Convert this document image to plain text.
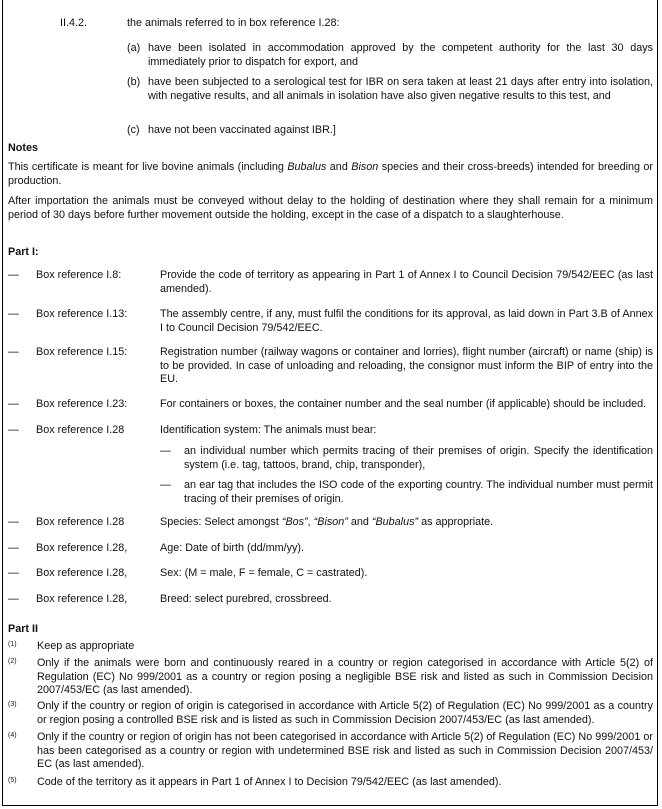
II.4.2.	the animals referred to in box reference I.28:
(a) have been isolated in accommodation approved by the competent authority for the last 30 days immediately prior to dispatch for export, and
(b) have been subjected to a serological test for IBR on sera taken at least 21 days after entry into isolation, with negative results, and all animals in isolation have also given negative results to this test, and
(c) have not been vaccinated against IBR.]
Notes
This certificate is meant for live bovine animals (including Bubalus and Bison species and their cross-breeds) intended for breeding or production.
After importation the animals must be conveyed without delay to the holding of destination where they shall remain for a minimum period of 30 days before further movement outside the holding, except in the case of a dispatch to a slaughterhouse.
Part I:
— Box reference I.8:	Provide the code of territory as appearing in Part 1 of Annex I to Council Decision 79/542/EEC (as last amended).
— Box reference I.13:	The assembly centre, if any, must fulfil the conditions for its approval, as laid down in Part 3.B of Annex I to Council Decision 79/542/EEC.
— Box reference I.15:	Registration number (railway wagons or container and lorries), flight number (aircraft) or name (ship) is to be provided. In case of unloading and reloading, the consignor must inform the BIP of entry into the EU.
— Box reference I.23:	For containers or boxes, the container number and the seal number (if applicable) should be included.
— Box reference I.28	Identification system: The animals must bear:
— an individual number which permits tracing of their premises of origin. Specify the identification system (i.e. tag, tattoos, brand, chip, transponder),
— an ear tag that includes the ISO code of the exporting country. The individual number must permit tracing of their premises of origin.
— Box reference I.28	Species: Select amongst “Bos”, “Bison” and “Bubalus” as appropriate.
— Box reference I.28,	Age: Date of birth (dd/mm/yy).
— Box reference I.28,	Sex: (M = male, F = female, C = castrated).
— Box reference I.28,	Breed: select purebred, crossbreed.
Part II
(1) Keep as appropriate
(2) Only if the animals were born and continuously reared in a country or region categorised in accordance with Article 5(2) of Regulation (EC) No 999/2001 as a country or region posing a negligible BSE risk and listed as such in Commission Decision 2007/453/EC (as last amended).
(3) Only if the country or region of origin is categorised in accordance with Article 5(2) of Regulation (EC) No 999/2001 as a country or region posing a controlled BSE risk and is listed as such in Commission Decision 2007/453/EC (as last amended).
(4) Only if the country or region of origin has not been categorised in accordance with Article 5(2) of Regulation (EC) No 999/2001 or has been categorised as a country or region with undetermined BSE risk and listed as such in Commission Decision 2007/453/ EC (as last amended).
(5) Code of the territory as it appears in Part 1 of Annex I to Decision 79/542/EEC (as last amended).
